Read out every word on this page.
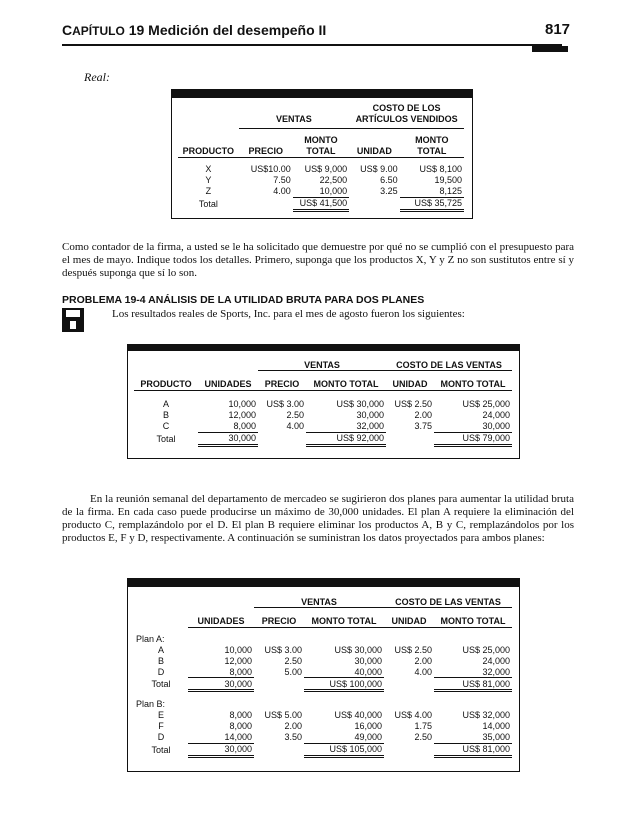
CAPÍTULO 19 Medición del desempeño II	817
Real:
			COSTO DE LOS	
	VENTAS		ARTÍCULOS VENDIDOS	

		MONTO		MONTO
PRODUCTO	PRECIO	TOTAL	UNIDAD	TOTAL

X	US$10.00	US$ 9,000	US$ 9.00	US$ 8,100
Y	7.50	22,500	6.50	19,500
Z	4.00	10,000	3.25	8,125
Total		US$ 41,500		US$ 35,725

Como contador de la firma, a usted se le ha solicitado que demuestre por qué no se cumplió con el presupuesto para el mes de mayo. Indique todos los detalles. Primero, suponga que los productos X, Y y Z no son sustitutos entre sí y después suponga que sí lo son.

PROBLEMA 19-4 ANÁLISIS DE LA UTILIDAD BRUTA PARA DOS PLANES
Los resultados reales de Sports, Inc. para el mes de agosto fueron los siguientes:
		VENTAS		COSTO DE LAS VENTAS	

PRODUCTO	UNIDADES	PRECIO	MONTO TOTAL	UNIDAD	MONTO TOTAL

A	10,000	US$ 3.00	US$ 30,000	US$ 2.50	US$ 25,000
B	12,000	2.50	30,000	2.00	24,000
C	8,000	4.00	32,000	3.75	30,000
Total	30,000		US$ 92,000		US$ 79,000

En la reunión semanal del departamento de mercadeo se sugirieron dos planes para aumentar la utilidad bruta de la firma. En cada caso puede producirse un máximo de 30,000 unidades. El plan A requiere la eliminación del producto C, remplazándolo por el D. El plan B requiere eliminar los productos A, B y C, remplazándolos por los productos E, F y D, respectivamente. A continuación se suministran los datos proyectados para ambos planes:

		VENTAS		COSTO DE LAS VENTAS	

	UNIDADES	PRECIO	MONTO TOTAL	UNIDAD	MONTO TOTAL

Plan A:					
A	10,000	US$ 3.00	US$ 30,000	US$ 2.50	US$ 25,000
B	12,000	2.50	30,000	2.00	24,000
D	8,000	5.00	40,000	4.00	32,000
Total	30,000		US$ 100,000		US$ 81,000

Plan B:					
E	8,000	US$ 5.00	US$ 40,000	US$ 4.00	US$ 32,000
F	8,000	2.00	16,000	1.75	14,000
D	14,000	3.50	49,000	2.50	35,000
Total	30,000		US$ 105,000		US$ 81,000
